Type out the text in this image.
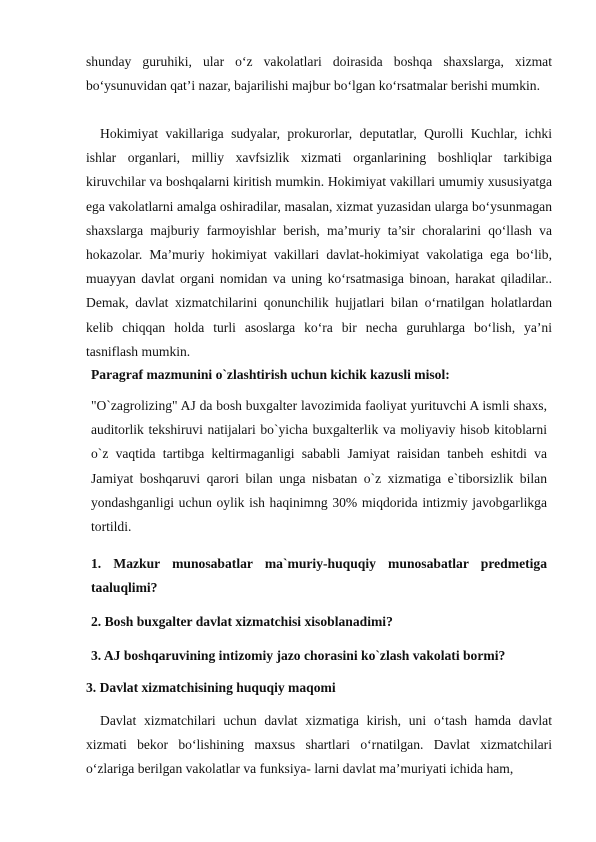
shunday guruhiki, ular o‘z vakolatlari doirasida boshqa shaxslarga, xizmat bo‘ysunuvidan qat’i nazar, bajarilishi majbur bo‘lgan ko‘rsatmalar berishi mumkin.

Hokimiyat vakillariga sudyalar, prokurorlar, deputatlar, Qurolli Kuchlar, ichki ishlar organlari, milliy xavfsizlik xizmati organlarining boshliqlar tarkibiga kiruvchilar va boshqalarni kiritish mumkin. Hokimiyat vakillari umumiy xususiyatga ega vakolatlarni amalga oshiradilar, masalan, xizmat yuzasidan ularga bo‘ysunmagan shaxslarga majburiy farmoyishlar berish, ma’muriy ta’sir choralarini qo‘llash va hokazolar. Ma’muriy hokimiyat vakillari davlat-hokimiyat vakolatiga ega bo‘lib, muayyan davlat organi nomidan va uning ko‘rsatmasiga binoan, harakat qiladilar.. Demak, davlat xizmatchilarini qonunchilik hujjatlari bilan o‘rnatilgan holatlardan kelib chiqqan holda turli asoslarga ko‘ra bir necha guruhlarga bo‘lish, ya’ni tasniflash mumkin.

Paragraf mazmunini o`zlashtirish uchun kichik kazusli misol:

"O`zagrolizing" AJ da bosh buxgalter lavozimida faoliyat yurituvchi A ismli shaxs, auditorlik tekshiruvi natijalari bo`yicha buxgalterlik va moliyaviy hisob kitoblarni o`z vaqtida tartibga keltirmaganligi sababli Jamiyat raisidan tanbeh eshitdi va Jamiyat boshqaruvi qarori bilan unga nisbatan o`z xizmatiga e`tiborsizlik bilan yondashganligi uchun oylik ish haqinimng 30% miqdorida intizmiy javobgarlikga tortildi.

1. Mazkur munosabatlar ma`muriy-huquqiy munosabatlar predmetiga taaluqlimi?

2. Bosh buxgalter davlat xizmatchisi xisoblanadimi?

3. AJ boshqaruvining intizomiy jazo chorasini ko`zlash vakolati bormi?

3. Davlat xizmatchisining huquqiy maqomi

Davlat xizmatchilari uchun davlat xizmatiga kirish, uni o‘tash hamda davlat xizmati bekor bo‘lishining maxsus shartlari o‘rnatilgan. Davlat xizmatchilari o‘zlariga berilgan vakolatlar va funksiya- larni davlat ma’muriyati ichida ham,
